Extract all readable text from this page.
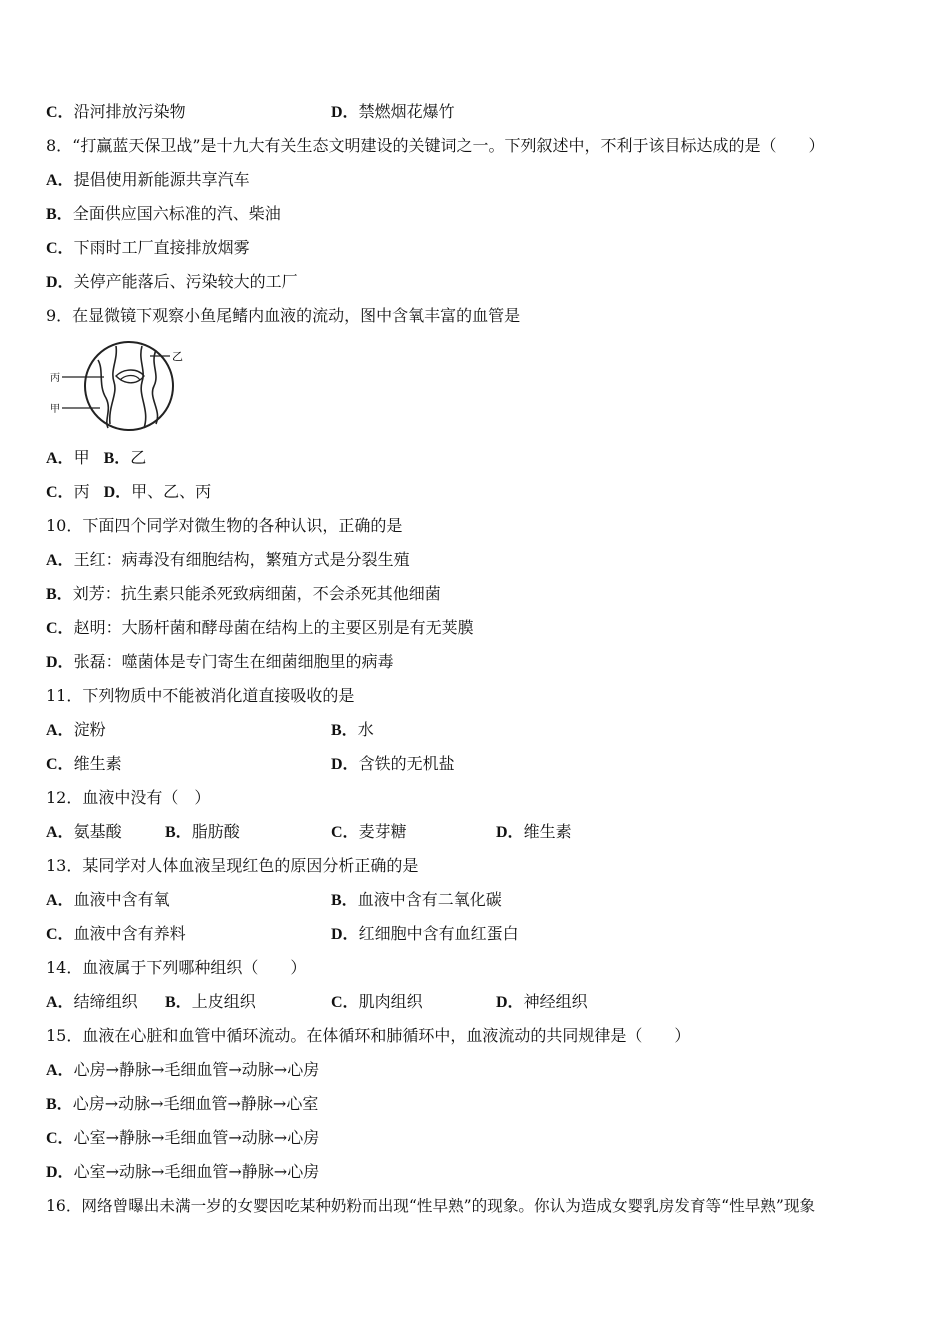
C．沿河排放污染物	D．禁燃烟花爆竹
8．“打赢蓝天保卫战”是十九大有关生态文明建设的关键词之一。下列叙述中，不利于该目标达成的是（　　）
A．提倡使用新能源共享汽车
B．全面供应国六标准的汽、柴油
C．下雨时工厂直接排放烟雾
D．关停产能落后、污染较大的工厂
9．在显微镜下观察小鱼尾鳍内血液的流动，图中含氧丰富的血管是
乙
丙
甲
A．甲 B．乙
C．丙 D．甲、乙、丙
10．下面四个同学对微生物的各种认识，正确的是
A．王红：病毒没有细胞结构，繁殖方式是分裂生殖
B．刘芳：抗生素只能杀死致病细菌，不会杀死其他细菌
C．赵明：大肠杆菌和酵母菌在结构上的主要区别是有无荚膜
D．张磊：噬菌体是专门寄生在细菌细胞里的病毒
11．下列物质中不能被消化道直接吸收的是
A．淀粉	B．水
C．维生素	D．含铁的无机盐
12．血液中没有（　）
A．氨基酸	B．脂肪酸	C．麦芽糖	D．维生素
13．某同学对人体血液呈现红色的原因分析正确的是
A．血液中含有氧	B．血液中含有二氧化碳
C．血液中含有养料	D．红细胞中含有血红蛋白
14．血液属于下列哪种组织（　　）
A．结缔组织 B．上皮组织	C．肌肉组织	D．神经组织
15．血液在心脏和血管中循环流动。在体循环和肺循环中，血液流动的共同规律是（　　）
A．心房→静脉→毛细血管→动脉→心房
B．心房→动脉→毛细血管→静脉→心室
C．心室→静脉→毛细血管→动脉→心房
D．心室→动脉→毛细血管→静脉→心房
16．网络曾曝出未满一岁的女婴因吃某种奶粉而出现“性早熟”的现象。你认为造成女婴乳房发育等“性早熟”现象
